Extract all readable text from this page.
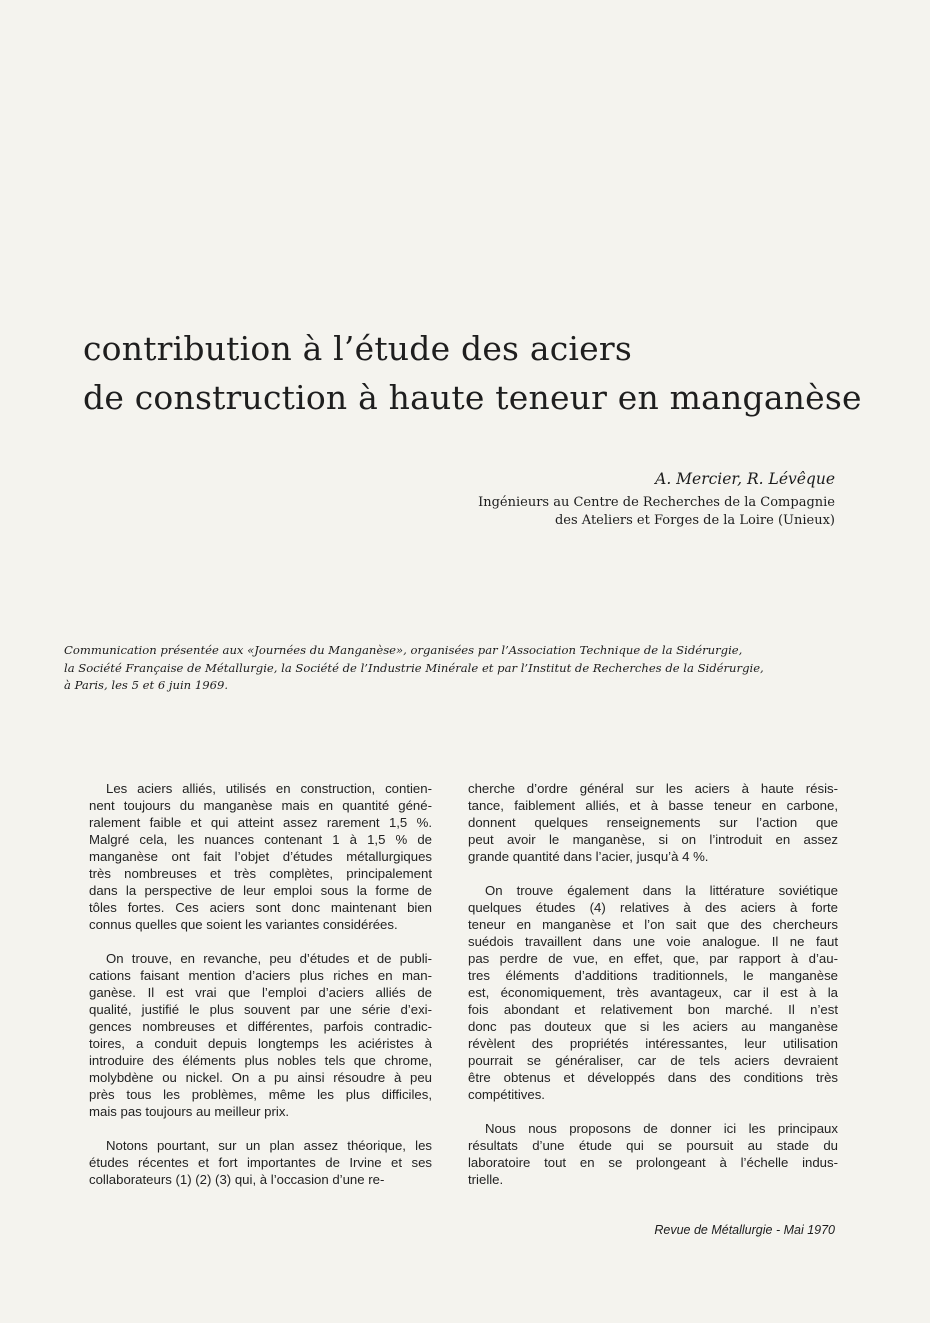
contribution à l’étude des aciers
de construction à haute teneur en manganèse
A. Mercier, R. Lévêque
Ingénieurs au Centre de Recherches de la Compagnie
des Ateliers et Forges de la Loire (Unieux)
Communication présentée aux «Journées du Manganèse», organisées par l’Association Technique de la Sidérurgie,
la Société Française de Métallurgie, la Société de l’Industrie Minérale et par l’Institut de Recherches de la Sidérurgie,
à Paris, les 5 et 6 juin 1969.

Les aciers alliés, utilisés en construction, contien-
nent toujours du manganèse mais en quantité géné-
ralement faible et qui atteint assez rarement 1,5 %.
Malgré cela, les nuances contenant 1 à 1,5 % de
manganèse ont fait l’objet d’études métallurgiques
très nombreuses et très complètes, principalement
dans la perspective de leur emploi sous la forme de
tôles fortes. Ces aciers sont donc maintenant bien
connus quelles que soient les variantes considérées.

On trouve, en revanche, peu d’études et de publi-
cations faisant mention d’aciers plus riches en man-
ganèse. Il est vrai que l’emploi d’aciers alliés de
qualité, justifié le plus souvent par une série d’exi-
gences nombreuses et différentes, parfois contradic-
toires, a conduit depuis longtemps les aciéristes à
introduire des éléments plus nobles tels que chrome,
molybdène ou nickel. On a pu ainsi résoudre à peu
près tous les problèmes, même les plus difficiles,
mais pas toujours au meilleur prix.

Notons pourtant, sur un plan assez théorique, les
études récentes et fort importantes de Irvine et ses
collaborateurs (1) (2) (3) qui, à l’occasion d’une re-

cherche d’ordre général sur les aciers à haute résis-
tance, faiblement alliés, et à basse teneur en carbone,
donnent quelques renseignements sur l’action que
peut avoir le manganèse, si on l’introduit en assez
grande quantité dans l’acier, jusqu’à 4 %.

On trouve également dans la littérature soviétique
quelques études (4) relatives à des aciers à forte
teneur en manganèse et l’on sait que des chercheurs
suédois travaillent dans une voie analogue. Il ne faut
pas perdre de vue, en effet, que, par rapport à d’au-
tres éléments d’additions traditionnels, le manganèse
est, économiquement, très avantageux, car il est à la
fois abondant et relativement bon marché. Il n’est
donc pas douteux que si les aciers au manganèse
révèlent des propriétés intéressantes, leur utilisation
pourrait se généraliser, car de tels aciers devraient
être obtenus et développés dans des conditions très
compétitives.

Nous nous proposons de donner ici les principaux
résultats d’une étude qui se poursuit au stade du
laboratoire tout en se prolongeant à l’échelle indus-
trielle.

Revue de Métallurgie - Mai 1970
